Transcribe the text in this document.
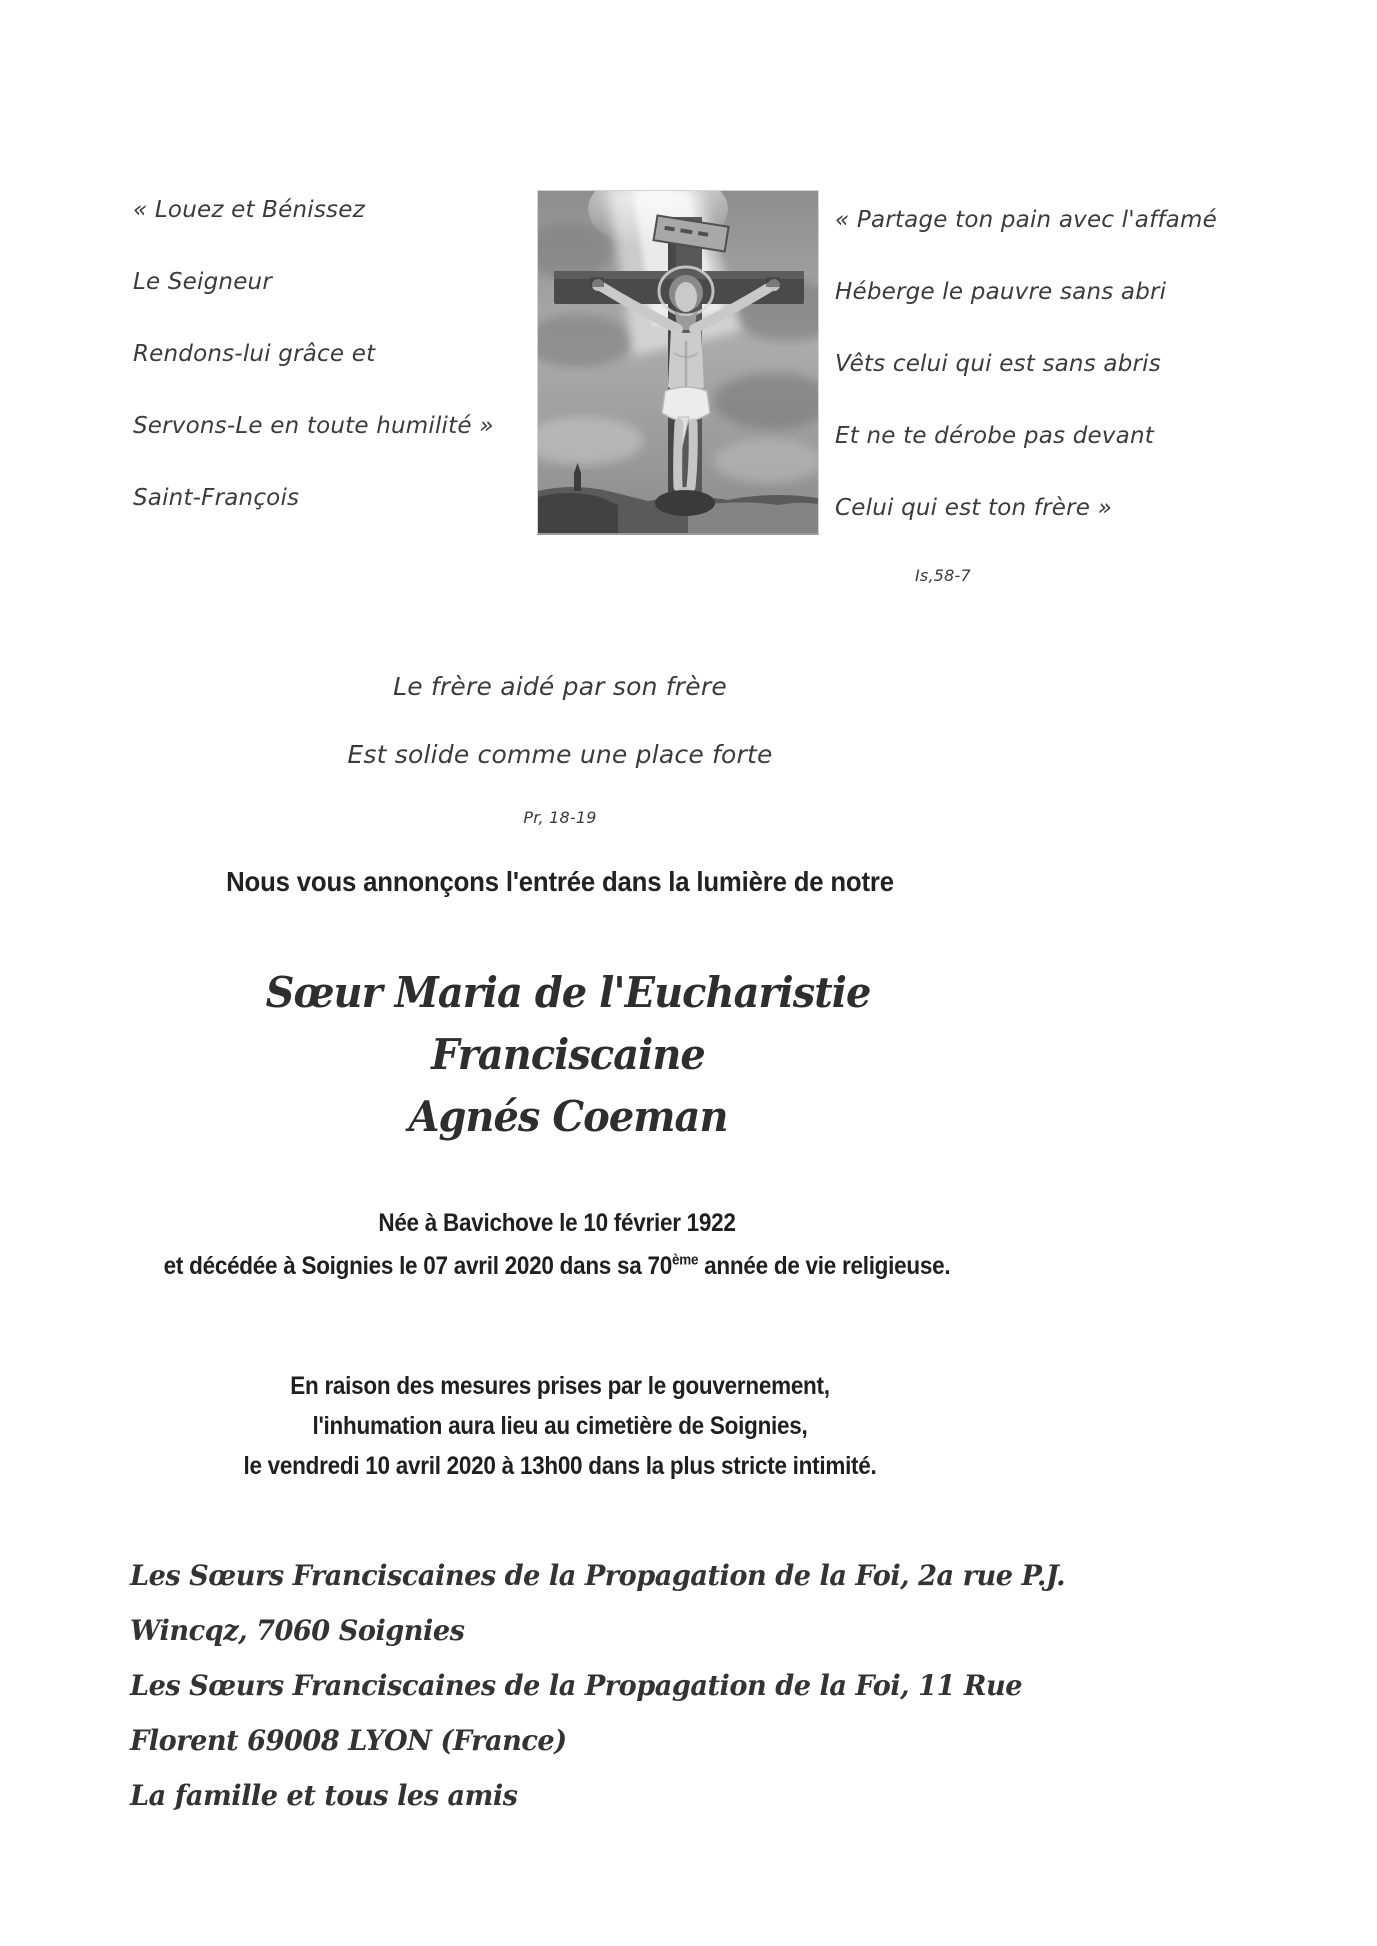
« Louez et Bénissez
Le Seigneur
Rendons-lui grâce et
Servons-Le en toute humilité »
Saint-François
« Partage ton pain avec l'affamé
Héberge le pauvre sans abri
Vêts celui qui est sans abris
Et ne te dérobe pas devant
Celui qui est ton frère »
Is,58-7
Le frère aidé par son frère
Est solide comme une place forte
Pr, 18-19
Nous vous annonçons l'entrée dans la lumière de notre
Sœur Maria de l'Eucharistie
Franciscaine
Agnés Coeman
Née à Bavichove le 10 février 1922
et décédée à Soignies le 07 avril 2020 dans sa 70ème année de vie religieuse.
En raison des mesures prises par le gouvernement,
l'inhumation aura lieu au cimetière de Soignies,
le vendredi 10 avril 2020 à 13h00 dans la plus stricte intimité.
Les Sœurs Franciscaines de la Propagation de la Foi, 2a rue P.J.
Wincqz, 7060 Soignies
Les Sœurs Franciscaines de la Propagation de la Foi, 11 Rue
Florent 69008 LYON (France)
La famille et tous les amis
